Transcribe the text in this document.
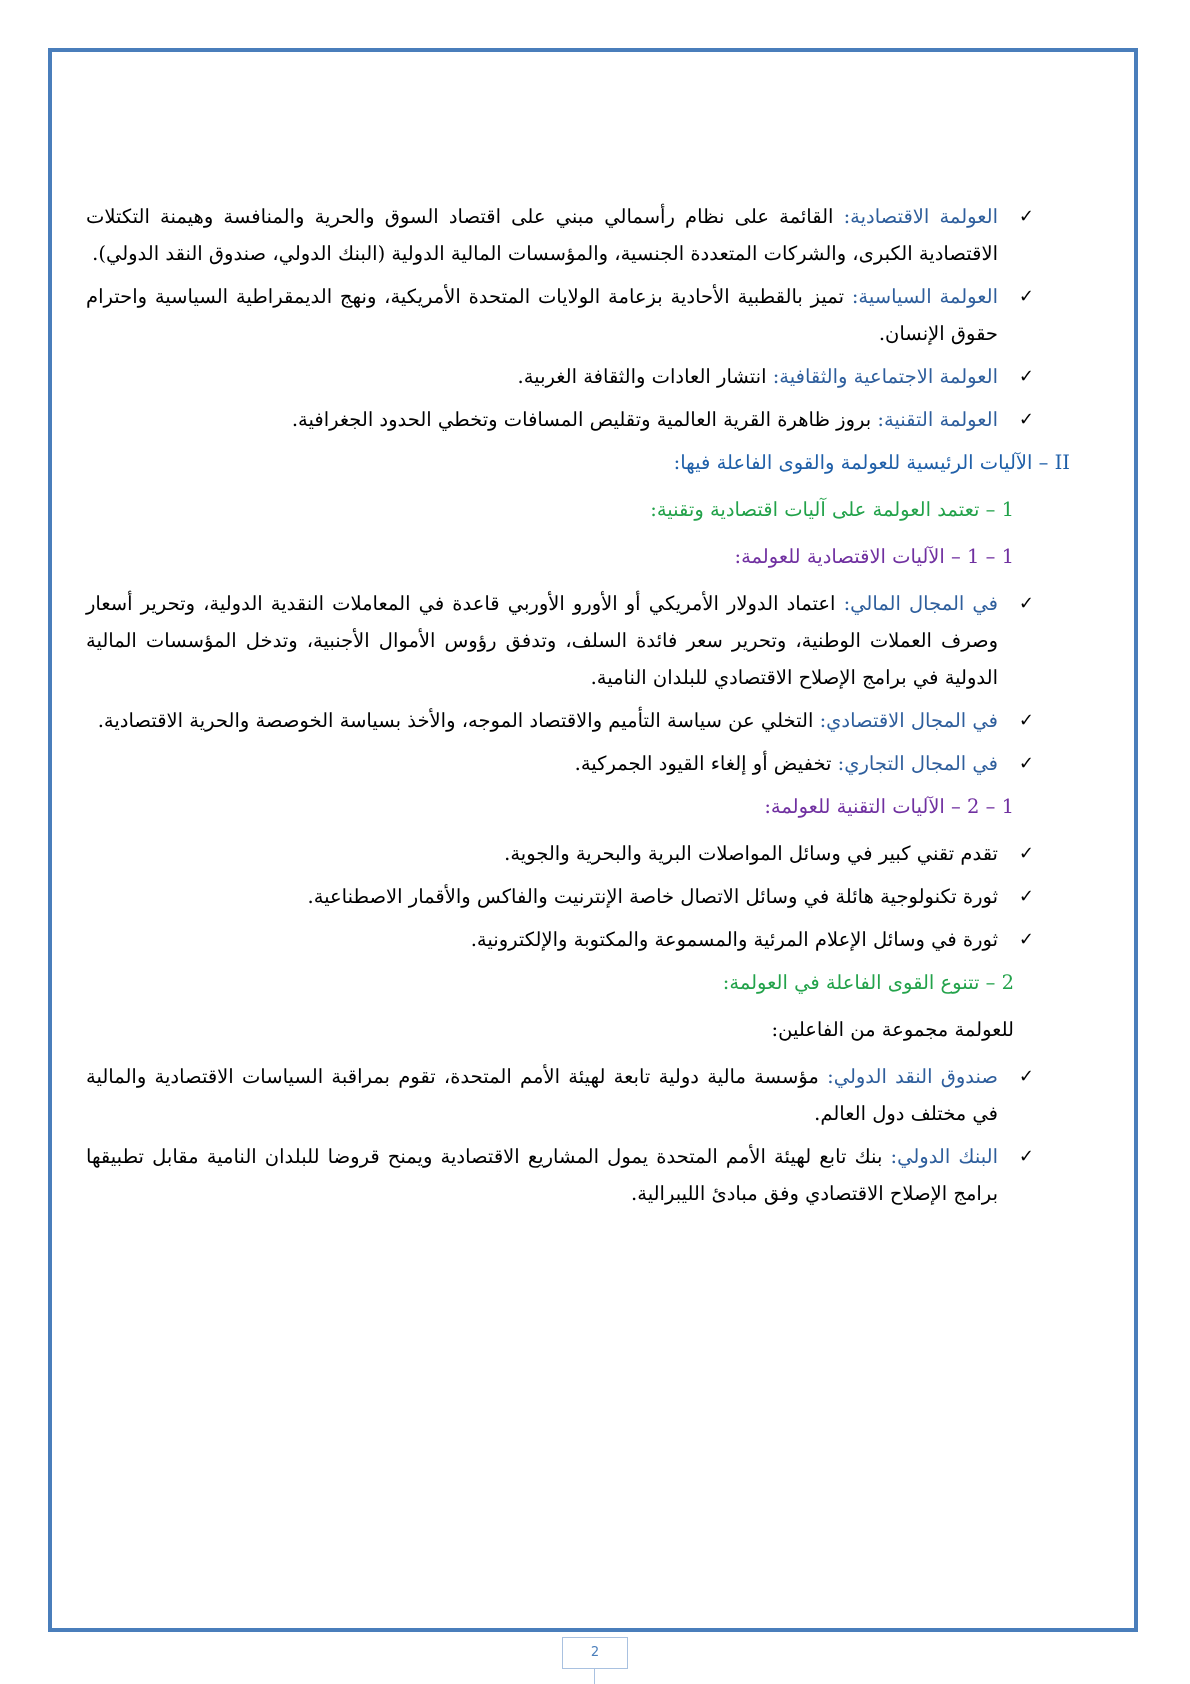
✓
العولمة الاقتصادية: القائمة على نظام رأسمالي مبني على اقتصاد السوق والحرية والمنافسة وهيمنة التكتلات الاقتصادية الكبرى، والشركات المتعددة الجنسية، والمؤسسات المالية الدولية (البنك الدولي، صندوق النقد الدولي).
✓
العولمة السياسية: تميز بالقطبية الأحادية بزعامة الولايات المتحدة الأمريكية، ونهج الديمقراطية السياسية واحترام حقوق الإنسان.
✓
العولمة الاجتماعية والثقافية: انتشار العادات والثقافة الغربية.
✓
العولمة التقنية: بروز ظاهرة القرية العالمية وتقليص المسافات وتخطي الحدود الجغرافية.
II – الآليات الرئيسية للعولمة والقوى الفاعلة فيها:
1 – تعتمد العولمة على آليات اقتصادية وتقنية:
1 – 1 – الآليات الاقتصادية للعولمة:
✓
في المجال المالي: اعتماد الدولار الأمريكي أو الأورو الأوربي قاعدة في المعاملات النقدية الدولية، وتحرير أسعار وصرف العملات الوطنية، وتحرير سعر فائدة السلف، وتدفق رؤوس الأموال الأجنبية، وتدخل المؤسسات المالية الدولية في برامج الإصلاح الاقتصادي للبلدان النامية.
✓
في المجال الاقتصادي: التخلي عن سياسة التأميم والاقتصاد الموجه، والأخذ بسياسة الخوصصة والحرية الاقتصادية.
✓
في المجال التجاري: تخفيض أو إلغاء القيود الجمركية.
1 – 2 – الآليات التقنية للعولمة:
✓
تقدم تقني كبير في وسائل المواصلات البرية والبحرية والجوية.
✓
ثورة تكنولوجية هائلة في وسائل الاتصال خاصة الإنترنيت والفاكس والأقمار الاصطناعية.
✓
ثورة في وسائل الإعلام المرئية والمسموعة والمكتوبة والإلكترونية.
2 – تتنوع القوى الفاعلة في العولمة:
للعولمة مجموعة من الفاعلين:
✓
صندوق النقد الدولي: مؤسسة مالية دولية تابعة لهيئة الأمم المتحدة، تقوم بمراقبة السياسات الاقتصادية والمالية في مختلف دول العالم.
✓
البنك الدولي: بنك تابع لهيئة الأمم المتحدة يمول المشاريع الاقتصادية ويمنح قروضا للبلدان النامية مقابل تطبيقها برامج الإصلاح الاقتصادي وفق مبادئ الليبرالية.
2
